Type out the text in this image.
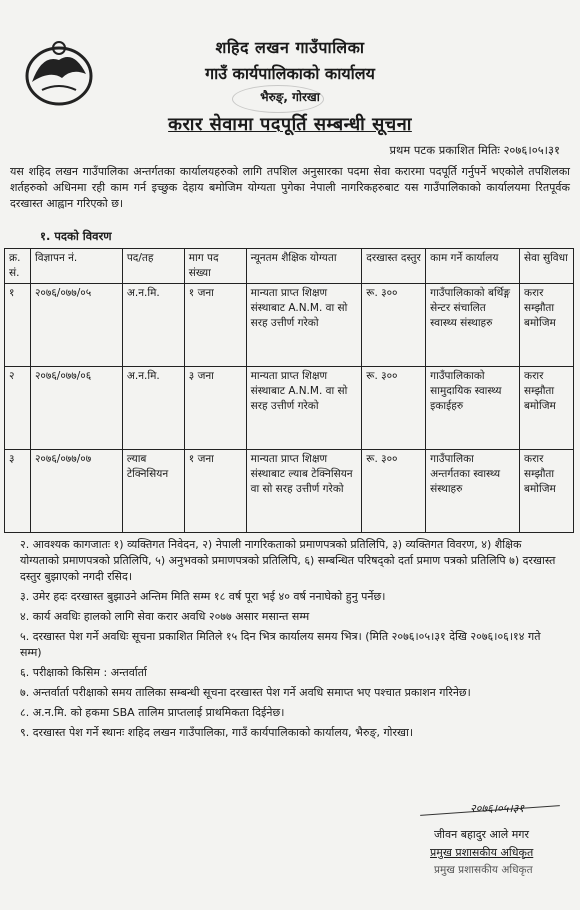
शहिद लखन गाउँपालिका
गाउँ कार्यपालिकाको कार्यालय
भैरुङ्, गोरखा
करार सेवामा पदपूर्ति सम्बन्धी सूचना
प्रथम पटक प्रकाशित मितिः २०७६।०५।३१
यस शहिद लखन गाउँपालिका अन्तर्गतका कार्यालयहरुको लागि तपशिल अनुसारका पदमा सेवा करारमा पदपूर्ति गर्नुपर्ने भएकोले तपशिलका शर्तहरुको अधिनमा रही काम गर्न इच्छुक देहाय बमोजिम योग्यता पुगेका नेपाली नागरिकहरुबाट यस गाउँपालिकाको कार्यालयमा रितपूर्वक दरखास्त आह्वान गरिएको छ।
१. पदको विवरण
क्र. सं.	विज्ञापन नं.	पद/तह	माग पद संख्या	न्यूनतम शैक्षिक योग्यता	दरखास्त दस्तुर	काम गर्ने कार्यालय	सेवा सुविधा
१	२०७६/०७७/०५	अ.न.मि.	१ जना	मान्यता प्राप्त शिक्षण संस्थाबाट A.N.M. वा सो सरह उत्तीर्ण गरेको	रू. ३००	गाउँपालिकाको बर्थिङ्ग सेन्टर संचालित स्वास्थ्य संस्थाहरु	करार सम्झौता बमोजिम
२	२०७६/०७७/०६	अ.न.मि.	३ जना	मान्यता प्राप्त शिक्षण संस्थाबाट A.N.M. वा सो सरह उत्तीर्ण गरेको	रू. ३००	गाउँपालिकाको सामुदायिक स्वास्थ्य इकाईहरु	करार सम्झौता बमोजिम
३	२०७६/०७७/०७	ल्याब टेक्निसियन	१ जना	मान्यता प्राप्त शिक्षण संस्थाबाट ल्याब टेक्निसियन वा सो सरह उत्तीर्ण गरेको	रू. ३००	गाउँपालिका अन्तर्गतका स्वास्थ्य संस्थाहरु	करार सम्झौता बमोजिम

२. आवश्यक कागजातः १) व्यक्तिगत निवेदन, २) नेपाली नागरिकताको प्रमाणपत्रको प्रतिलिपि, ३) व्यक्तिगत विवरण, ४) शैक्षिक योग्यताको प्रमाणपत्रको प्रतिलिपि, ५) अनुभवको प्रमाणपत्रको प्रतिलिपि, ६) सम्बन्धित परिषद्को दर्ता प्रमाण पत्रको प्रतिलिपि ७) दरखास्त दस्तुर बुझाएको नगदी रसिद।

३. उमेर हदः दरखास्त बुझाउने अन्तिम मिति सम्म १८ वर्ष पूरा भई ४० वर्ष ननाघेको हुनु पर्नेछ।

४. कार्य अवधिः हालको लागि सेवा करार अवधि २०७७ असार मसान्त सम्म

५. दरखास्त पेश गर्ने अवधिः सूचना प्रकाशित मितिले १५ दिन भित्र कार्यालय समय भित्र। (मिति २०७६।०५।३१ देखि २०७६।०६।१४ गते सम्म)

६. परीक्षाको किसिम : अन्तर्वार्ता

७. अन्तर्वार्ता परीक्षाको समय तालिका सम्बन्धी सूचना दरखास्त पेश गर्ने अवधि समाप्त भए पश्चात प्रकाशन गरिनेछ।

८. अ.न.मि. को हकमा SBA तालिम प्राप्तलाई प्राथमिकता दिईनेछ।

९. दरखास्त पेश गर्ने स्थानः शहिद लखन गाउँपालिका, गाउँ कार्यपालिकाको कार्यालय, भैरुङ्, गोरखा।

२०७६।०५।३१
जीवन बहादुर आले मगर
प्रमुख प्रशासकीय अधिकृत
प्रमुख प्रशासकीय अधिकृत
